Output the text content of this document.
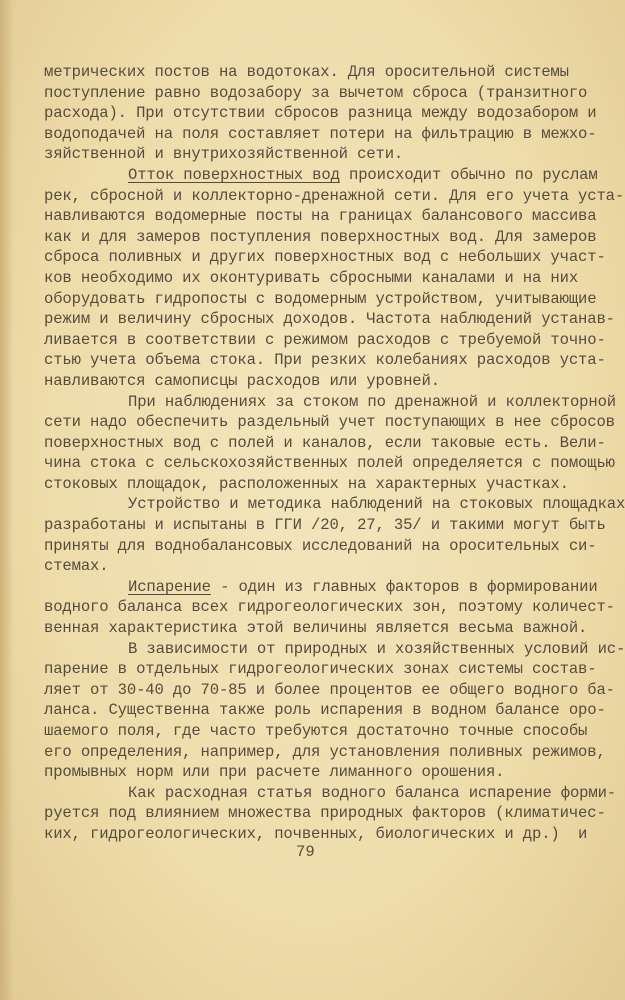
метрических постов на водотоках. Для оросительной системы
поступление равно водозабору за вычетом сброса (транзитного
расхода). При отсутствии сбросов разница между водозабором и
водоподачей на поля составляет потери на фильтрацию в межхо-
зяйственной и внутрихозяйственной сети.
Отток поверхностных вод происходит обычно по руслам
рек, сбросной и коллекторно-дренажной сети. Для его учета уста-
навливаются водомерные посты на границах балансового массива
как и для замеров поступления поверхностных вод. Для замеров
сброса поливных и других поверхностных вод с небольших участ-
ков необходимо их оконтуривать сбросными каналами и на них
оборудовать гидропосты с водомерным устройством, учитывающие
режим и величину сбросных доходов. Частота наблюдений устанав-
ливается в соответствии с режимом расходов с требуемой точно-
стью учета объема стока. При резких колебаниях расходов уста-
навливаются самописцы расходов или уровней.
При наблюдениях за стоком по дренажной и коллекторной
сети надо обеспечить раздельный учет поступающих в нее сбросов
поверхностных вод с полей и каналов, если таковые есть. Вели-
чина стока с сельскохозяйственных полей определяется с помощью
стоковых площадок, расположенных на характерных участках.
Устройство и методика наблюдений на стоковых площадках
разработаны и испытаны в ГГИ /20, 27, 35/ и такими могут быть
приняты для воднобалансовых исследований на оросительных си-
стемах.
Испарение - один из главных факторов в формировании
водного баланса всех гидрогеологических зон, поэтому количест-
венная характеристика этой величины является весьма важной.
В зависимости от природных и хозяйственных условий ис-
парение в отдельных гидрогеологических зонах системы состав-
ляет от 30-40 до 70-85 и более процентов ее общего водного ба-
ланса. Существенна также роль испарения в водном балансе оро-
шаемого поля, где часто требуются достаточно точные способы
его определения, например, для установления поливных режимов,
промывных норм или при расчете лиманного орошения.
Как расходная статья водного баланса испарение форми-
руется под влиянием множества природных факторов (климатичес-
ких, гидрогеологических, почвенных, биологических и др.)  и
79
